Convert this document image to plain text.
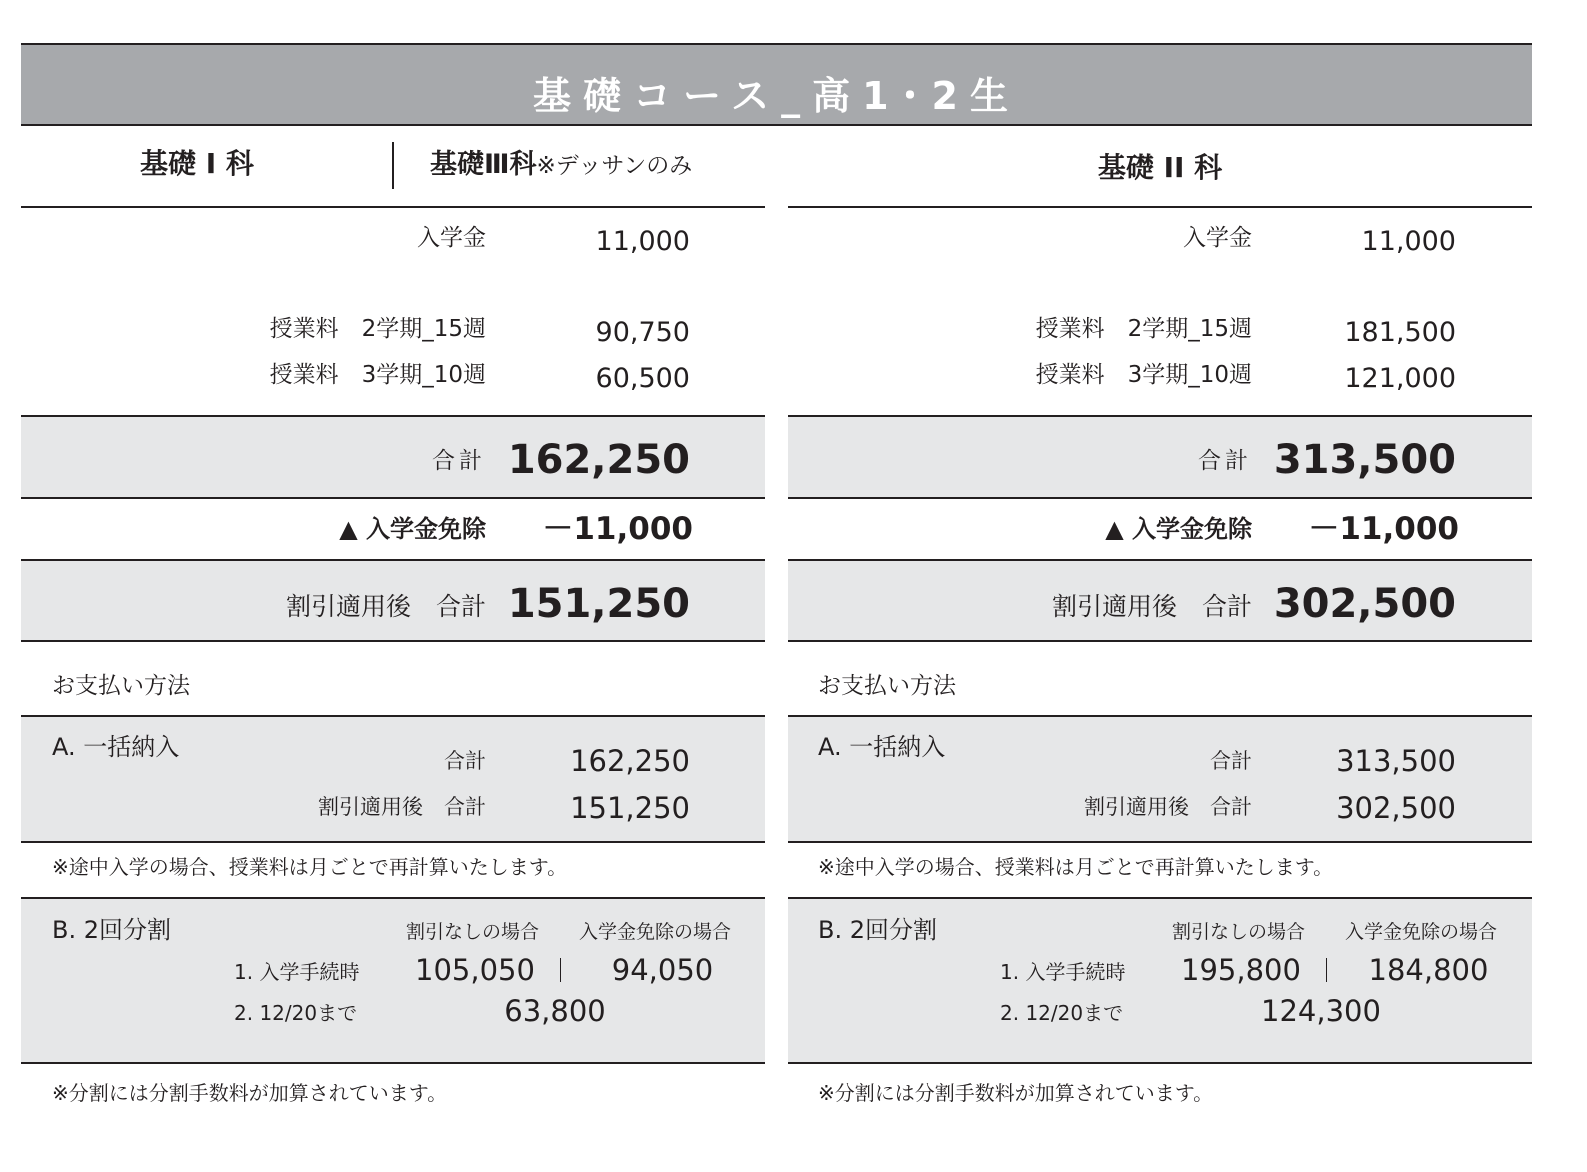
基礎コース_高1･2生
基礎 I 科	基礎Ⅲ科※デッサンのみ
入学金	11,000
授業料　2学期_15週	90,750
授業料　3学期_10週	60,500
合計 162,250
▲ 入学金免除	－11,000
割引適用後　合計 151,250
お支払い方法
A. 一括納入	合計	162,250
割引適用後　合計	151,250
※途中入学の場合、授業料は月ごとで再計算いたします。
B. 2回分割	割引なしの場合	入学金免除の場合
1. 入学手続時	105,050	94,050
2. 12/20まで	63,800
※分割には分割手数料が加算されています。
基礎 II 科
入学金	11,000
授業料　2学期_15週	181,500
授業料　3学期_10週	121,000
合計 313,500
▲ 入学金免除	－11,000
割引適用後　合計 302,500
お支払い方法
A. 一括納入	合計	313,500
割引適用後　合計	302,500
※途中入学の場合、授業料は月ごとで再計算いたします。
B. 2回分割	割引なしの場合	入学金免除の場合
1. 入学手続時	195,800	184,800
2. 12/20まで	124,300
※分割には分割手数料が加算されています。
